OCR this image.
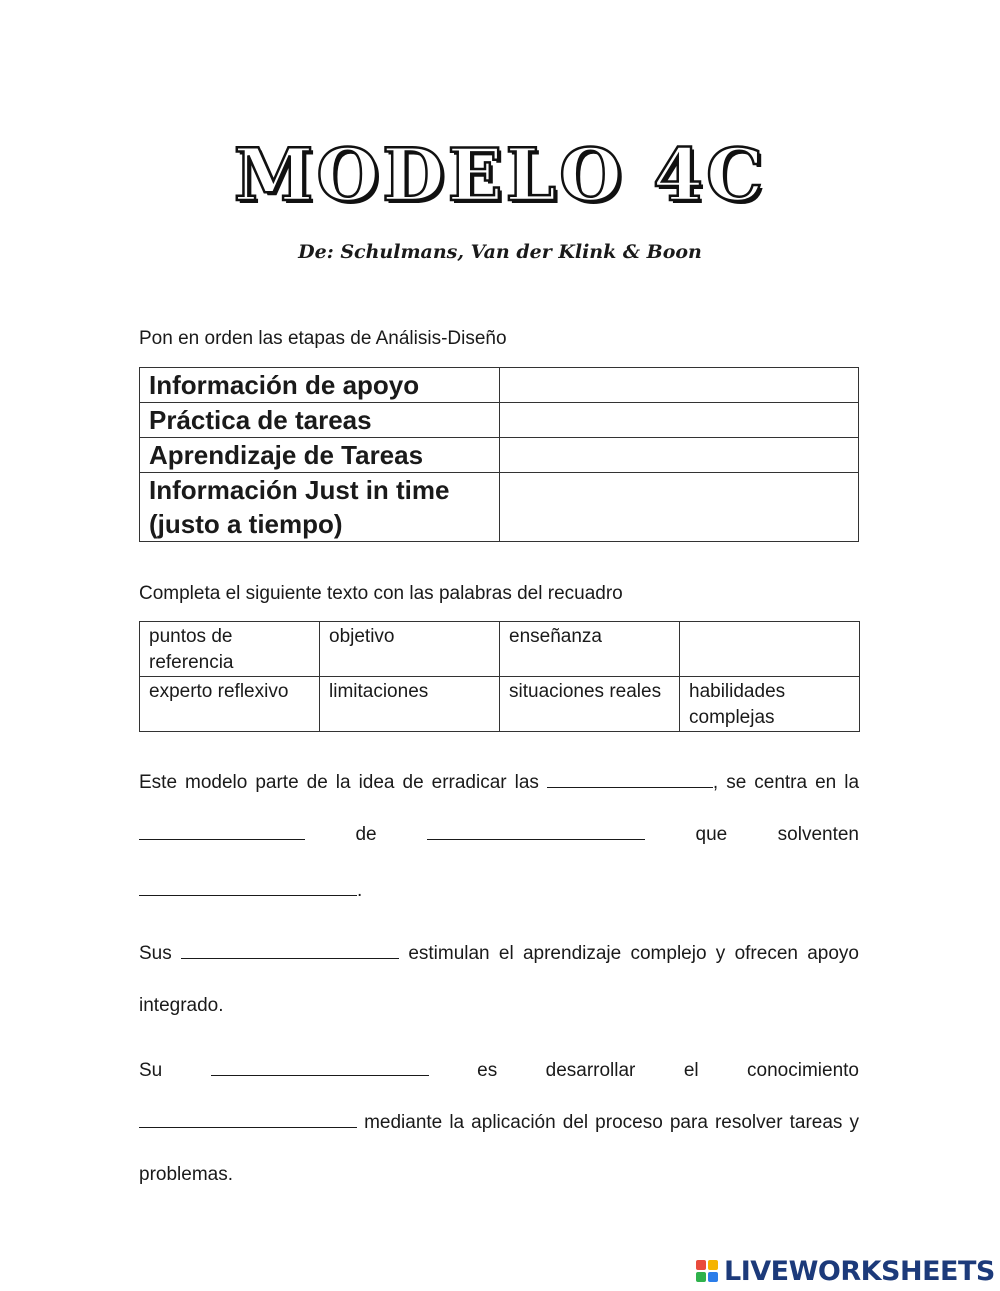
MODELO 4C
De: Schulmans, Van der Klink & Boon
Pon en orden las etapas de Análisis-Diseño
Información de apoyo	
Práctica de tareas	
Aprendizaje de Tareas	
Información Just in time (justo a tiempo)	
Completa el siguiente texto con las palabras del recuadro
puntos de referencia	objetivo	enseñanza	
experto reflexivo	limitaciones	situaciones reales	habilidades complejas

Este modelo parte de la idea de erradicar las	, se centra en la  de	que solventen

.

Sus	estimulan el aprendizaje complejo y ofrecen apoyo integrado.

Su	es desarrollar el conocimiento  mediante la aplicación del proceso para resolver tareas y problemas.

LIVEWORKSHEETS
